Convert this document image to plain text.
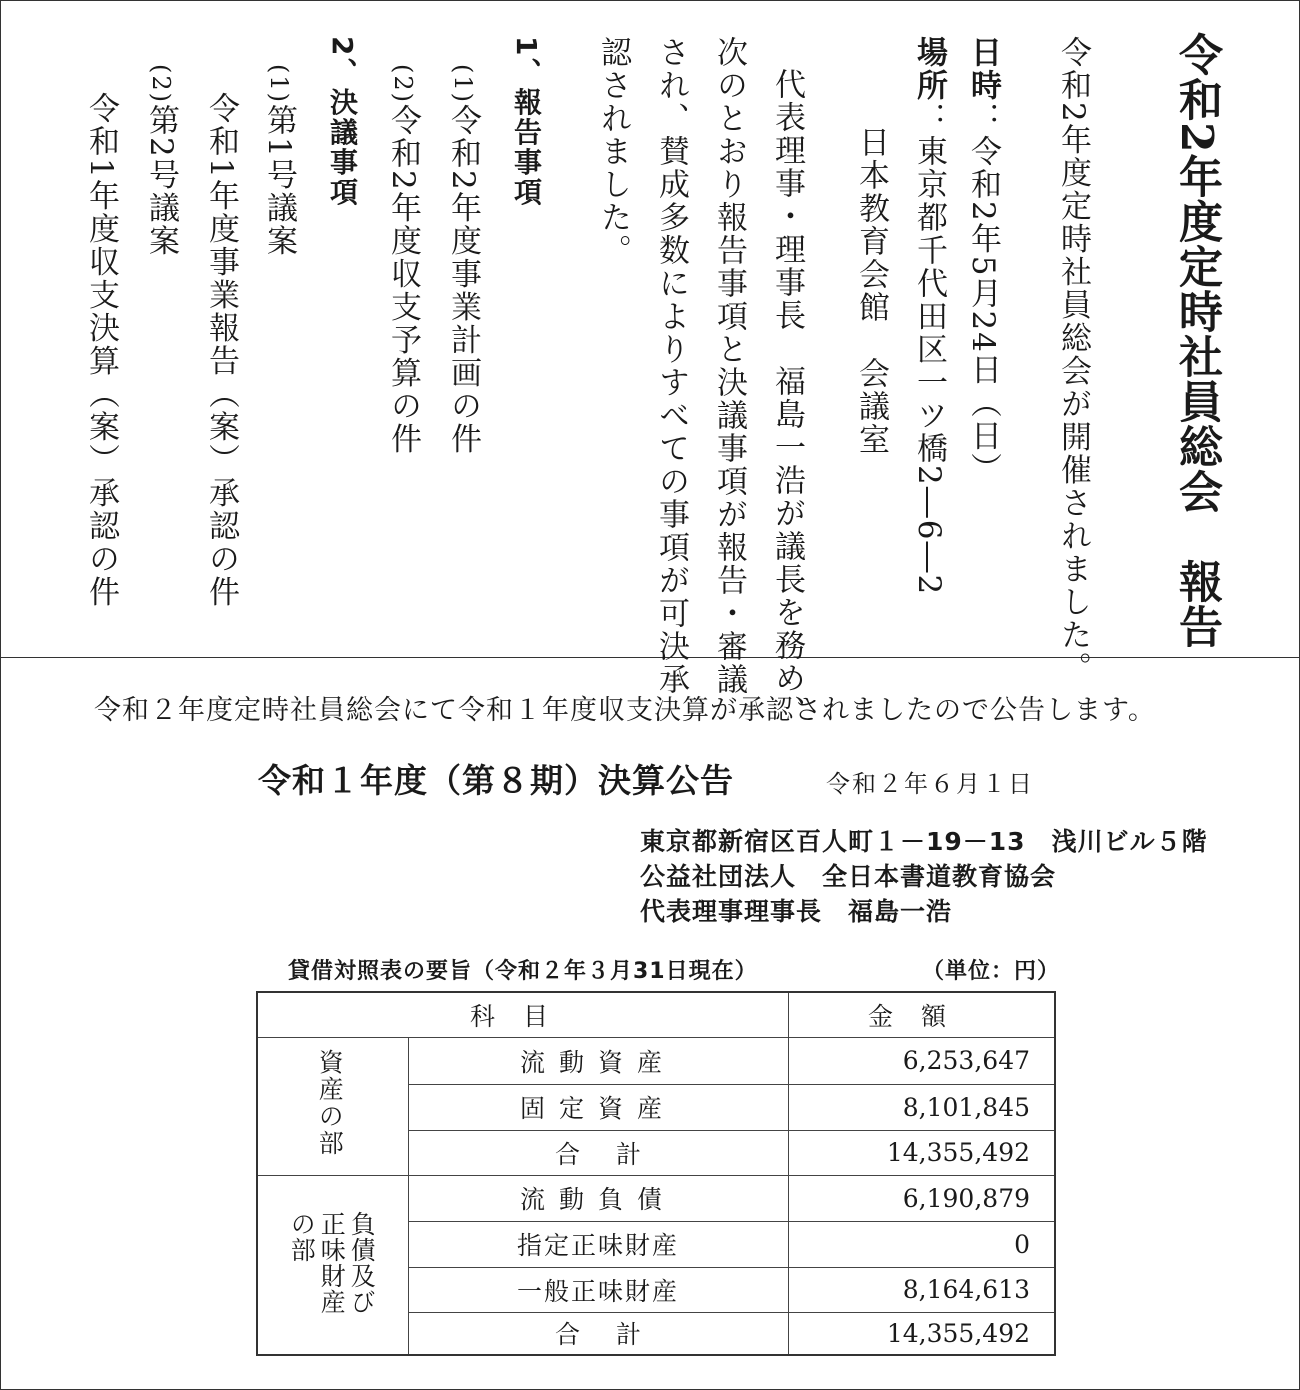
令和2年度定時社員総会　報告
令和2年度定時社員総会が開催されました。
日時：令和2年5月24日（日）
場所：東京都千代田区一ツ橋2―6―2
日本教育会館　会議室
代表理事・理事長　福島一浩が議長を務め、
次のとおり報告事項と決議事項が報告・審議
され、賛成多数によりすべての事項が可決承
認されました。
1、報告事項
(1)令和2年度事業計画の件
(2)令和2年度収支予算の件
2、決議事項
(1)第1号議案
令和1年度事業報告（案）承認の件
(2)第2号議案
令和1年度収支決算（案）承認の件
令和２年度定時社員総会にて令和１年度収支決算が承認されましたので公告します。
令和１年度（第８期）決算公告	令和２年６月１日
東京都新宿区百人町１－19－13　浅川ビル５階
公益社団法人　全日本書道教育協会
代表理事理事長　福島一浩
貸借対照表の要旨（令和２年３月31日現在）	（単位：円）
科目	金額
資産の部	流動資産	6,253,647
固定資産	8,101,845
合計	14,355,492
負債及び
正味財産
の部
流動負債	6,190,879
指定正味財産	0
一般正味財産	8,164,613
合計	14,355,492
